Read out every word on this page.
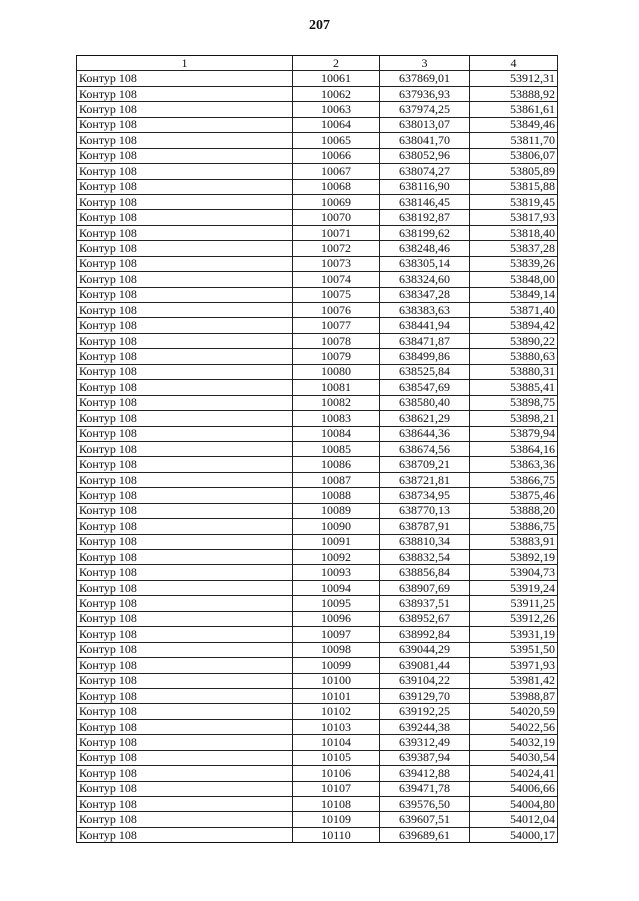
207
1	2	3	4
Контур 108	10061	637869,01	53912,31
Контур 108	10062	637936,93	53888,92
Контур 108	10063	637974,25	53861,61
Контур 108	10064	638013,07	53849,46
Контур 108	10065	638041,70	53811,70
Контур 108	10066	638052,96	53806,07
Контур 108	10067	638074,27	53805,89
Контур 108	10068	638116,90	53815,88
Контур 108	10069	638146,45	53819,45
Контур 108	10070	638192,87	53817,93
Контур 108	10071	638199,62	53818,40
Контур 108	10072	638248,46	53837,28
Контур 108	10073	638305,14	53839,26
Контур 108	10074	638324,60	53848,00
Контур 108	10075	638347,28	53849,14
Контур 108	10076	638383,63	53871,40
Контур 108	10077	638441,94	53894,42
Контур 108	10078	638471,87	53890,22
Контур 108	10079	638499,86	53880,63
Контур 108	10080	638525,84	53880,31
Контур 108	10081	638547,69	53885,41
Контур 108	10082	638580,40	53898,75
Контур 108	10083	638621,29	53898,21
Контур 108	10084	638644,36	53879,94
Контур 108	10085	638674,56	53864,16
Контур 108	10086	638709,21	53863,36
Контур 108	10087	638721,81	53866,75
Контур 108	10088	638734,95	53875,46
Контур 108	10089	638770,13	53888,20
Контур 108	10090	638787,91	53886,75
Контур 108	10091	638810,34	53883,91
Контур 108	10092	638832,54	53892,19
Контур 108	10093	638856,84	53904,73
Контур 108	10094	638907,69	53919,24
Контур 108	10095	638937,51	53911,25
Контур 108	10096	638952,67	53912,26
Контур 108	10097	638992,84	53931,19
Контур 108	10098	639044,29	53951,50
Контур 108	10099	639081,44	53971,93
Контур 108	10100	639104,22	53981,42
Контур 108	10101	639129,70	53988,87
Контур 108	10102	639192,25	54020,59
Контур 108	10103	639244,38	54022,56
Контур 108	10104	639312,49	54032,19
Контур 108	10105	639387,94	54030,54
Контур 108	10106	639412,88	54024,41
Контур 108	10107	639471,78	54006,66
Контур 108	10108	639576,50	54004,80
Контур 108	10109	639607,51	54012,04
Контур 108	10110	639689,61	54000,17
